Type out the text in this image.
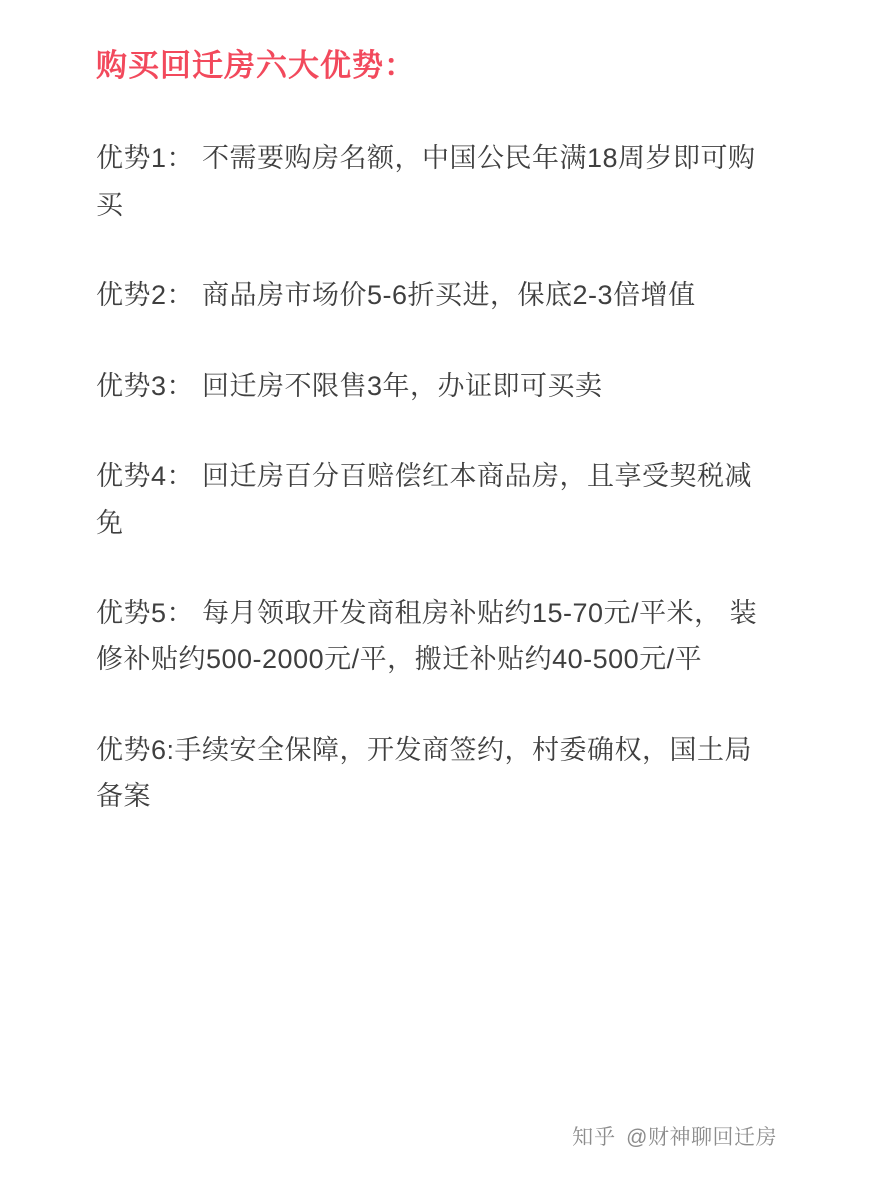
购买回迁房六大优势：

优势1： 不需要购房名额，中国公民年满18周岁即可购买

优势2： 商品房市场价5-6折买进，保底2-3倍增值

优势3： 回迁房不限售3年，办证即可买卖

优势4： 回迁房百分百赔偿红本商品房，且享受契税减免

优势5： 每月领取开发商租房补贴约15-70元/平米， 装修补贴约500-2000元/平，搬迁补贴约40-500元/平

优势6:手续安全保障，开发商签约，村委确权，国土局备案

知乎 @财神聊回迁房
